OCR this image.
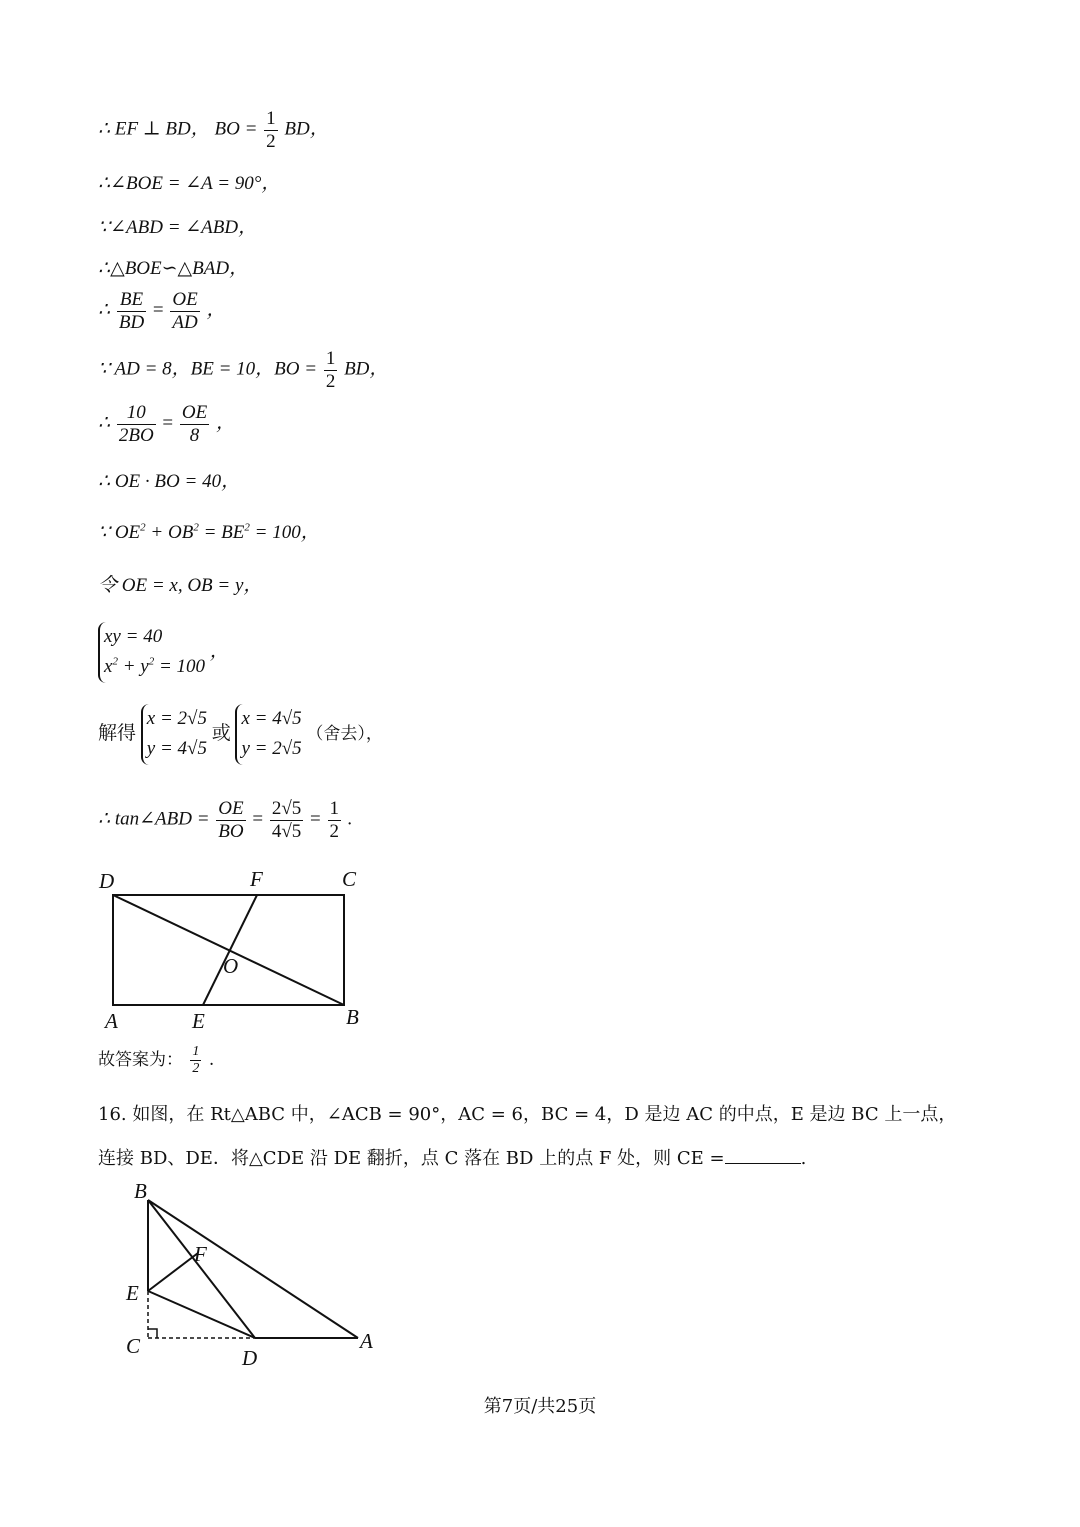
∴ EF ⊥ BD， BO = $\frac{1}{2}$ BD，
∴∠BOE = ∠A = 90°，
∵∠ABD = ∠ABD，
∴△BOE∽△BAD，
∴ $\frac{BE}{BD} = \frac{OE}{AD}$ ，
∵ AD = 8，BE = 10，BO = $\frac{1}{2}$ BD，
∴ $\frac{10}{2BO} = \frac{OE}{8}$ ，
∴ OE · BO = 40，
∵ $OE^2 + OB^2 = BE^2 = 100$，
令 OE = x, OB = y，
xy = 40
$x^2 + y^2 = 100$
，
解得
x = 2√5
y = 4√5
或
x = 4√5
y = 2√5
（舍去），
∴ tan∠ABD = $\frac{OE}{BO} = \frac{2√5}{4√5} = \frac{1}{2}$ .
D	F	C
O
A	E	B
故答案为： $\frac{1}{2}$ .
16. 如图，在 Rt△ABC 中，∠ACB = 90°，AC = 6，BC = 4，D 是边 AC 的中点，E 是边 BC 上一点，
连接 BD、DE．将△CDE 沿 DE 翻折，点 C 落在 BD 上的点 F 处，则 CE =	.
B
F
E
C	D
A
第7页/共25页
